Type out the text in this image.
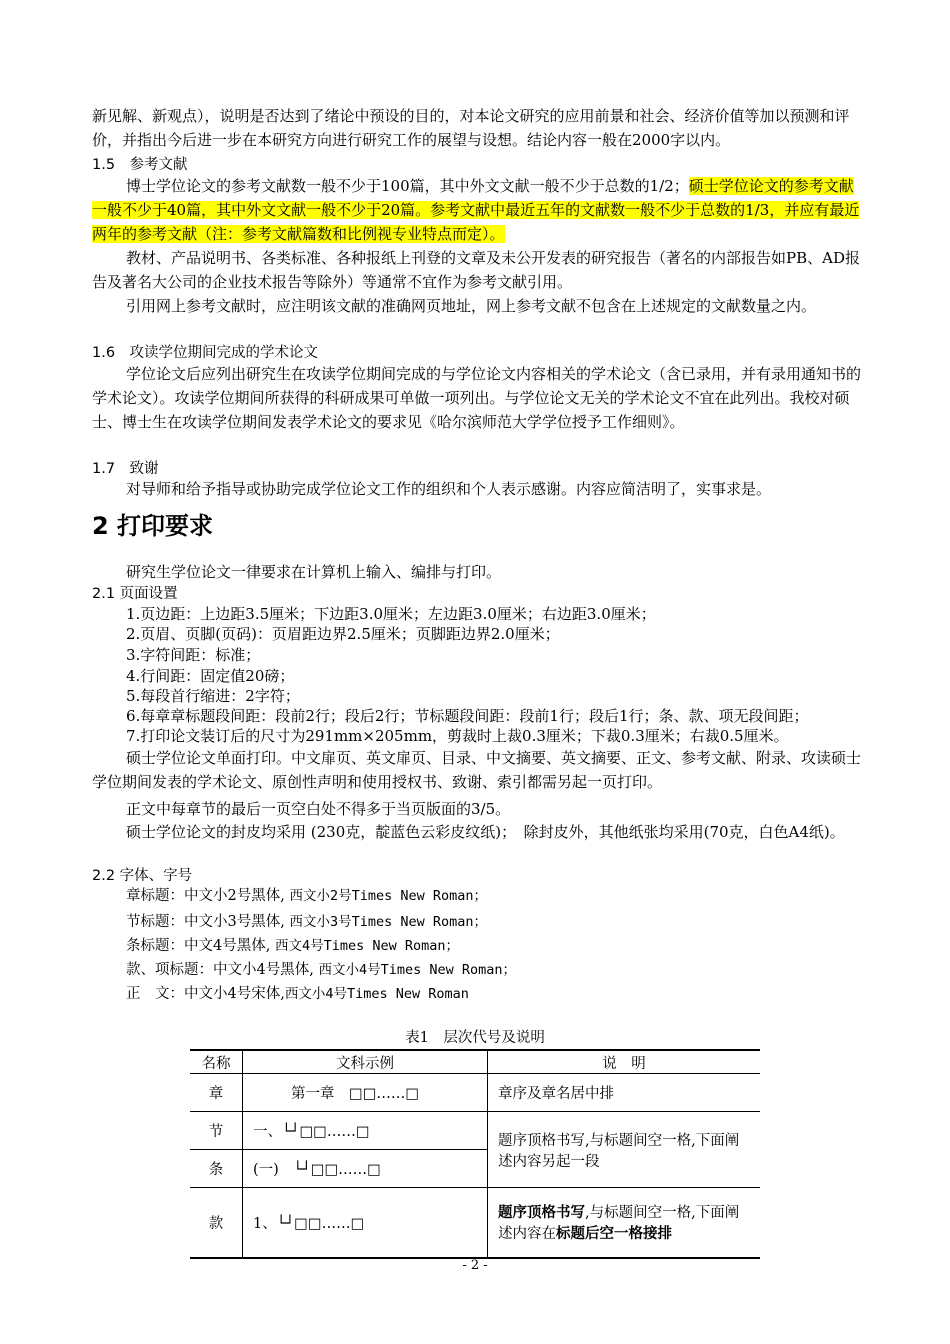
新见解、新观点），说明是否达到了绪论中预设的目的，对本论文研究的应用前景和社会、经济价值等加以预测和评价，并指出今后进一步在本研究方向进行研究工作的展望与设想。结论内容一般在2000字以内。

1.5　参考文献

博士学位论文的参考文献数一般不少于100篇，其中外文文献一般不少于总数的1/2；硕士学位论文的参考文献一般不少于40篇，其中外文文献一般不少于20篇。参考文献中最近五年的文献数一般不少于总数的1/3，并应有最近两年的参考文献（注：参考文献篇数和比例视专业特点而定）。

教材、产品说明书、各类标准、各种报纸上刊登的文章及未公开发表的研究报告（著名的内部报告如PB、AD报告及著名大公司的企业技术报告等除外）等通常不宜作为参考文献引用。

引用网上参考文献时，应注明该文献的准确网页地址，网上参考文献不包含在上述规定的文献数量之内。

1.6　攻读学位期间完成的学术论文

学位论文后应列出研究生在攻读学位期间完成的与学位论文内容相关的学术论文（含已录用，并有录用通知书的学术论文）。攻读学位期间所获得的科研成果可单做一项列出。与学位论文无关的学术论文不宜在此列出。我校对硕士、博士生在攻读学位期间发表学术论文的要求见《哈尔滨师范大学学位授予工作细则》。

1.7　致谢

对导师和给予指导或协助完成学位论文工作的组织和个人表示感谢。内容应简洁明了，实事求是。

2 打印要求

研究生学位论文一律要求在计算机上输入、编排与打印。

2.1 页面设置
1.页边距：上边距3.5厘米；下边距3.0厘米；左边距3.0厘米；右边距3.0厘米；
2.页眉、页脚(页码)：页眉距边界2.5厘米；页脚距边界2.0厘米；
3.字符间距：标准；
4.行间距：固定值20磅；
5.每段首行缩进：2字符；
6.每章章标题段间距：段前2行；段后2行；节标题段间距：段前1行；段后1行；条、款、项无段间距；
7.打印论文装订后的尺寸为291mm×205mm，剪裁时上裁0.3厘米；下裁0.3厘米；右裁0.5厘米。

硕士学位论文单面打印。中文扉页、英文扉页、目录、中文摘要、英文摘要、正文、参考文献、附录、攻读硕士学位期间发表的学术论文、原创性声明和使用授权书、致谢、索引都需另起一页打印。

正文中每章节的最后一页空白处不得多于当页版面的3/5。

硕士学位论文的封皮均采用 (230克，靛蓝色云彩皮纹纸)；　除封皮外，其他纸张均采用(70克，白色A4纸)。

2.2 字体、字号
章标题：中文小2号黑体, 西文小2号Times New Roman；
节标题：中文小3号黑体, 西文小3号Times New Roman；
条标题：中文4号黑体, 西文4号Times New Roman；
款、项标题：中文小4号黑体, 西文小4号Times New Roman；
正　文：中文小4号宋体,西文小4号Times New Roman
表1　层次代号及说明
名称	文科示例	说　明
章	第一章　□□……□	章序及章名居中排
节	一、└┘□□……□	题序顶格书写,与标题间空一格,下面阐述内容另起一段
条	(一)　└┘□□……□	
款	1、└┘□□……□	题序顶格书写,与标题间空一格,下面阐述内容在标题后空一格接排
- 2 -
